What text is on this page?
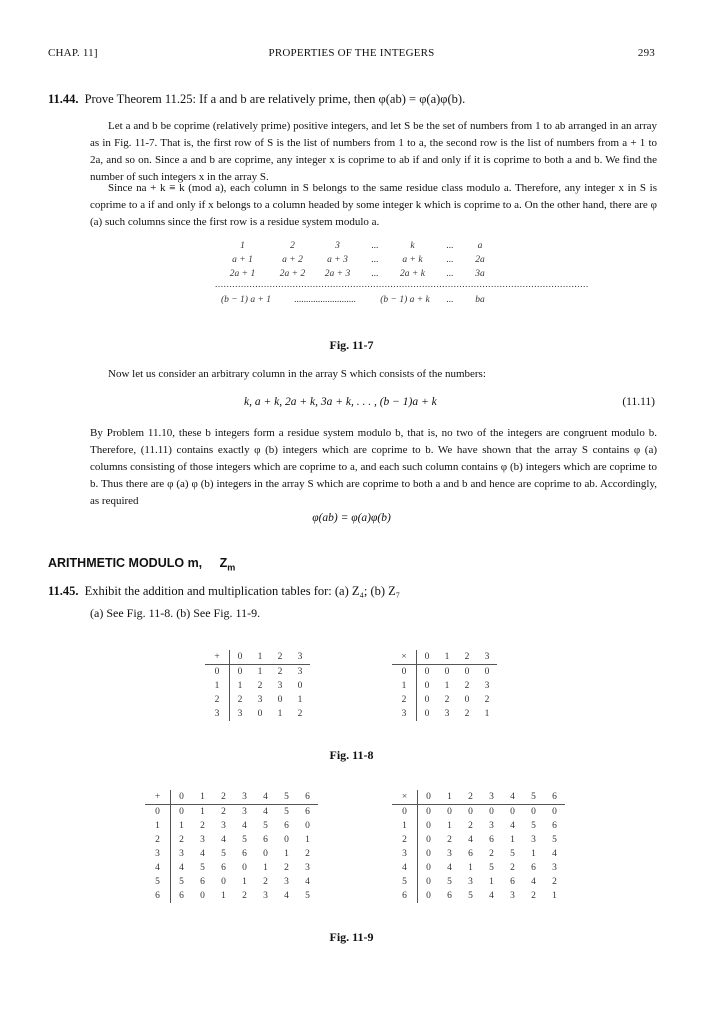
CHAP. 11]	PROPERTIES OF THE INTEGERS	293
11.44. Prove Theorem 11.25: If a and b are relatively prime, then φ(ab) = φ(a)φ(b).
Let a and b be coprime (relatively prime) positive integers, and let S be the set of numbers from 1 to ab arranged in an array as in Fig. 11-7. That is, the first row of S is the list of numbers from 1 to a, the second row is the list of numbers from a + 1 to 2a, and so on. Since a and b are coprime, any integer x is coprime to ab if and only if it is coprime to both a and b. We find the number of such integers x in the array S.
Since na + k ≡ k (mod a), each column in S belongs to the same residue class modulo a. Therefore, any integer x in S is coprime to a if and only if x belongs to a column headed by some integer k which is coprime to a. On the other hand, there are φ (a) such columns since the first row is a residue system modulo a.
1	2	3	...	k	...	a
a + 1	a + 2	a + 3	...	a + k	...	2a
2a + 1	2a + 2	2a + 3	...	2a + k	...	3a
..................................................................................................................................
(b − 1) a + 1	..........................	(b − 1) a + k	...	ba
Fig. 11-7
Now let us consider an arbitrary column in the array S which consists of the numbers:
k, a + k, 2a + k, 3a + k, . . . , (b − 1)a + k	(11.11)
By Problem 11.10, these b integers form a residue system modulo b, that is, no two of the integers are congruent modulo b. Therefore, (11.11) contains exactly φ (b) integers which are coprime to b. We have shown that the array S contains φ (a) columns consisting of those integers which are coprime to a, and each such column contains φ (b) integers which are coprime to b. Thus there are φ (a) φ (b) integers in the array S which are coprime to both a and b and hence are coprime to ab. Accordingly, as required
φ(ab) = φ(a)φ(b)
ARITHMETIC MODULO m, $Z_m$
11.45. Exhibit the addition and multiplication tables for: (a) Z₄; (b) Z₇
(a) See Fig. 11-8. (b) See Fig. 11-9.
+	0	1	2	3
0	0	1	2	3
1	1	2	3	0
2	2	3	0	1
3	3	0	1	2
×	0	1	2	3
0	0	0	0	0
1	0	1	2	3
2	0	2	0	2
3	0	3	2	1
Fig. 11-8
+	0	1	2	3	4	5	6
0	0	1	2	3	4	5	6
1	1	2	3	4	5	6	0
2	2	3	4	5	6	0	1
3	3	4	5	6	0	1	2
4	4	5	6	0	1	2	3
5	5	6	0	1	2	3	4
6	6	0	1	2	3	4	5
×	0	1	2	3	4	5	6
0	0	0	0	0	0	0	0
1	0	1	2	3	4	5	6
2	0	2	4	6	1	3	5
3	0	3	6	2	5	1	4
4	0	4	1	5	2	6	3
5	0	5	3	1	6	4	2
6	0	6	5	4	3	2	1
Fig. 11-9
